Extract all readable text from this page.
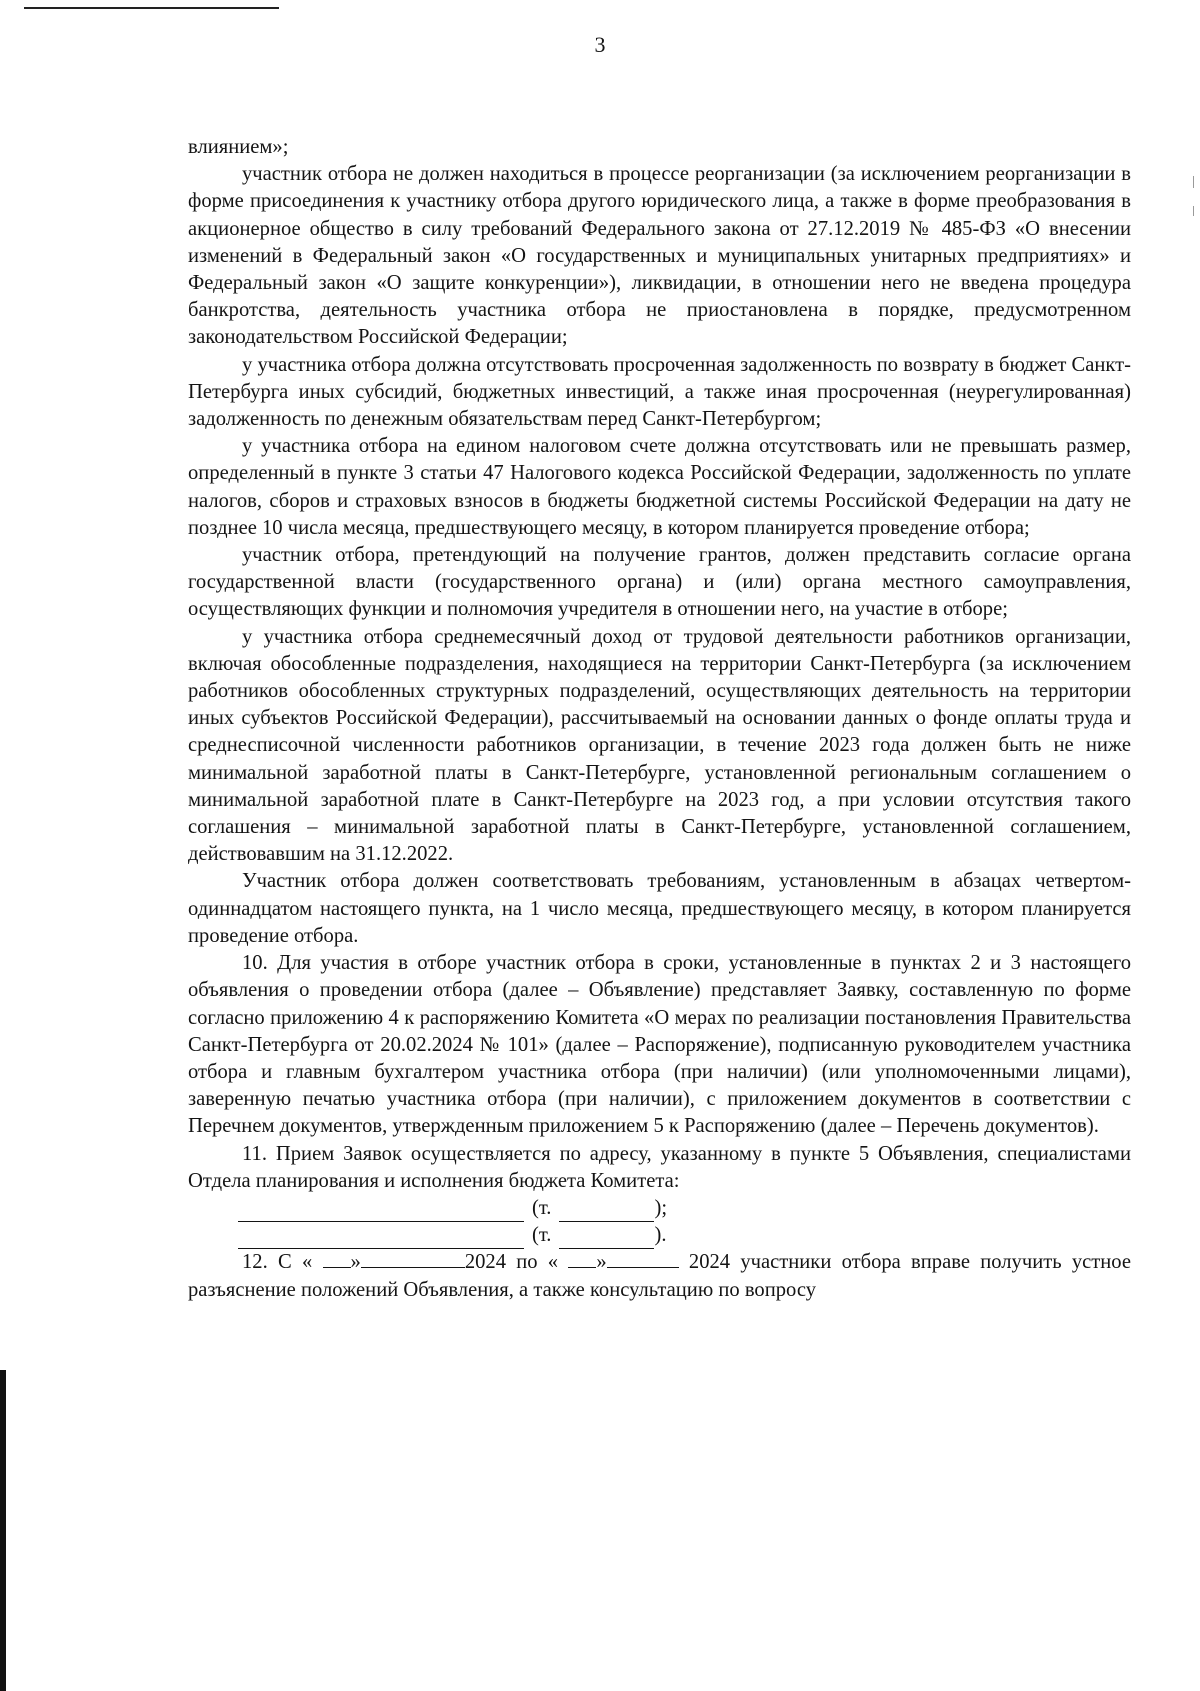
3

влиянием»;

участник отбора не должен находиться в процессе реорганизации (за исключением реорганизации в форме присоединения к участнику отбора другого юридического лица, а также в форме преобразования в акционерное общество в силу требований Федерального закона от 27.12.2019 № 485-ФЗ «О внесении изменений в Федеральный закон «О государственных и муниципальных унитарных предприятиях» и Федеральный закон «О защите конкуренции»), ликвидации, в отношении него не введена процедура банкротства, деятельность участника отбора не приостановлена в порядке, предусмотренном законодательством Российской Федерации;

у участника отбора должна отсутствовать просроченная задолженность по возврату в бюджет Санкт-Петербурга иных субсидий, бюджетных инвестиций, а также иная просроченная (неурегулированная) задолженность по денежным обязательствам перед Санкт-Петербургом;

у участника отбора на едином налоговом счете должна отсутствовать или не превышать размер, определенный в пункте 3 статьи 47 Налогового кодекса Российской Федерации, задолженность по уплате налогов, сборов и страховых взносов в бюджеты бюджетной системы Российской Федерации на дату не позднее 10 числа месяца, предшествующего месяцу, в котором планируется проведение отбора;

участник отбора, претендующий на получение грантов, должен представить согласие органа государственной власти (государственного органа) и (или) органа местного самоуправления, осуществляющих функции и полномочия учредителя в отношении него, на участие в отборе;

у участника отбора среднемесячный доход от трудовой деятельности работников организации, включая обособленные подразделения, находящиеся на территории Санкт-Петербурга (за исключением работников обособленных структурных подразделений, осуществляющих деятельность на территории иных субъектов Российской Федерации), рассчитываемый на основании данных о фонде оплаты труда и среднесписочной численности работников организации, в течение 2023 года должен быть не ниже минимальной заработной платы в Санкт-Петербурге, установленной региональным соглашением о минимальной заработной плате в Санкт-Петербурге на 2023 год, а при условии отсутствия такого соглашения – минимальной заработной платы в Санкт-Петербурге, установленной соглашением, действовавшим на 31.12.2022.

Участник отбора должен соответствовать требованиям, установленным в абзацах четвертом-одиннадцатом настоящего пункта, на 1 число месяца, предшествующего месяцу, в котором планируется проведение отбора.

10. Для участия в отборе участник отбора в сроки, установленные в пунктах 2 и 3 настоящего объявления о проведении отбора (далее – Объявление) представляет Заявку, составленную по форме согласно приложению 4 к распоряжению Комитета «О мерах по реализации постановления Правительства Санкт-Петербурга от 20.02.2024 № 101» (далее – Распоряжение), подписанную руководителем участника отбора и главным бухгалтером участника отбора (при наличии) (или уполномоченными лицами), заверенную печатью участника отбора (при наличии), с приложением документов в соответствии с Перечнем документов, утвержденным приложением 5 к Распоряжению (далее – Перечень документов).

11. Прием Заявок осуществляется по адресу, указанному в пункте 5 Объявления, специалистами Отдела планирования и исполнения бюджета Комитета:

(т.	);
(т.	).

12. С « »	2024 по « »	2024 участники отбора вправе получить устное разъяснение положений Объявления, а также консультацию по вопросу
